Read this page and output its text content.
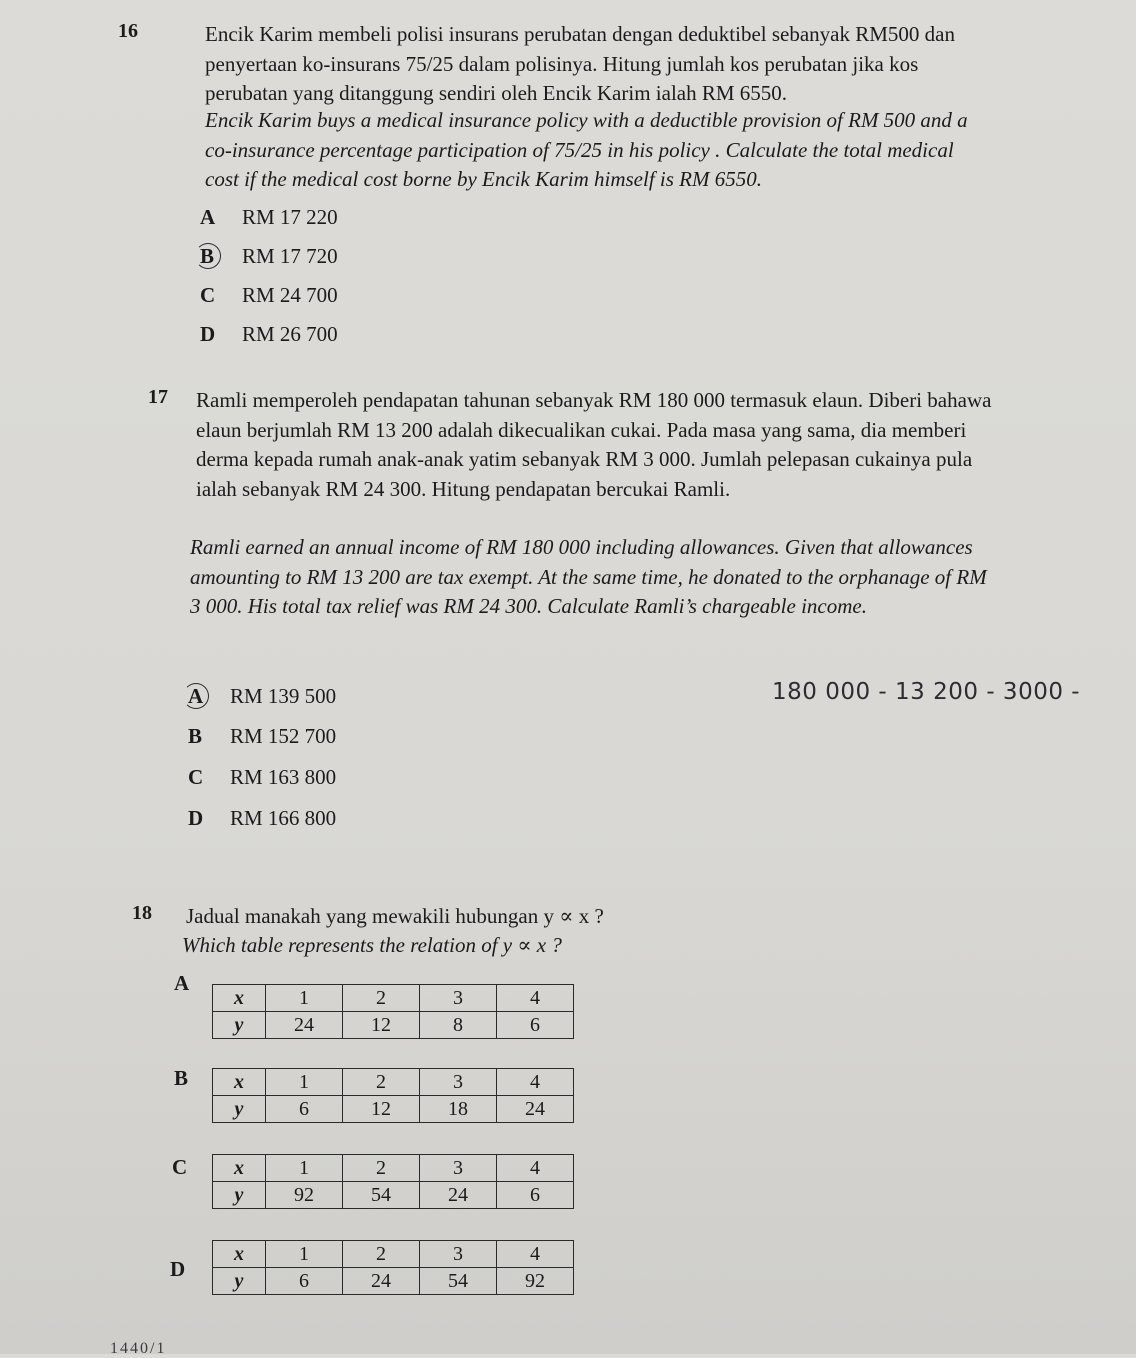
16	Encik Karim membeli polisi insurans perubatan dengan deduktibel sebanyak RM500 dan penyertaan ko-insurans 75/25 dalam polisinya. Hitung jumlah kos perubatan jika kos perubatan yang ditanggung sendiri oleh Encik Karim ialah RM 6550.

Encik Karim buys a medical insurance policy with a deductible provision of RM 500 and a co-insurance percentage participation of 75/25 in his policy . Calculate the total medical cost if the medical cost borne by Encik Karim himself is RM 6550.

A RM 17 220
B RM 17 720
C RM 24 700
D RM 26 700
17 Ramli memperoleh pendapatan tahunan sebanyak RM 180 000 termasuk elaun. Diberi bahawa elaun berjumlah RM 13 200 adalah dikecualikan cukai. Pada masa yang sama, dia memberi derma kepada rumah anak-anak yatim sebanyak RM 3 000. Jumlah pelepasan cukainya pula ialah sebanyak RM 24 300. Hitung pendapatan bercukai Ramli.

Ramli earned an annual income of RM 180 000 including allowances. Given that allowances amounting to RM 13 200 are tax exempt. At the same time, he donated to the orphanage of RM 3 000. His total tax relief was RM 24 300. Calculate Ramli’s chargeable income.

A RM 139 500
B RM 152 700
C RM 163 800
D RM 166 800
180 000 - 13 200 - 3000 -
18 Jadual manakah yang mewakili hubungan y ∝ x ?

Which table represents the relation of y ∝ x ?

A
x	1	2	3	4
y	24	12	8	6
B x	1	2	3	4
y	6	12	18	24
C x	1	2	3	4
y	92	54	24	6
D
x	1	2	3	4
y	6	24	54	92
1440/1
